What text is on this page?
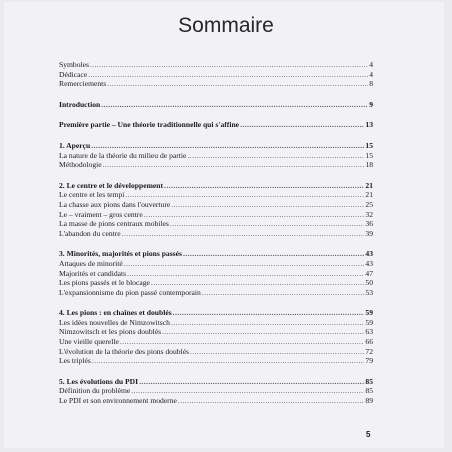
Sommaire
Symboles .....	4
Dédicace .....	4
Remerciements .....	8
Introduction .....	9
Première partie – Une théorie traditionnelle qui s'affine .....	13
1. Aperçu .....	15
La nature de la théorie du milieu de partie .....	15
Méthodologie .....	18
2. Le centre et le développement .....	21
Le centre et les tempi .....	21
La chasse aux pions dans l'ouverture .....	25
Le – vraiment – gros centre .....	32
La masse de pions centraux mobiles .....	36
L'abandon du centre .....	39
3. Minorités, majorités et pions passés .....	43
Attaques de minorité .....	43
Majorités et candidats .....	47
Les pions passés et le blocage .....	50
L'expansionnisme du pion passé contemporain .....	53
4. Les pions : en chaînes et doublés .....	59
Les idées nouvelles de Nimzowitsch .....	59
Nimzowitsch et les pions doublés .....	63
Une vieille querelle .....	66
L'évolution de la théorie des pions doublés .....	72
Les triplés .....	79
5. Les évolutions du PDI .....	85
Définition du problème .....	85
Le PDI et son environnement moderne .....	89
5
